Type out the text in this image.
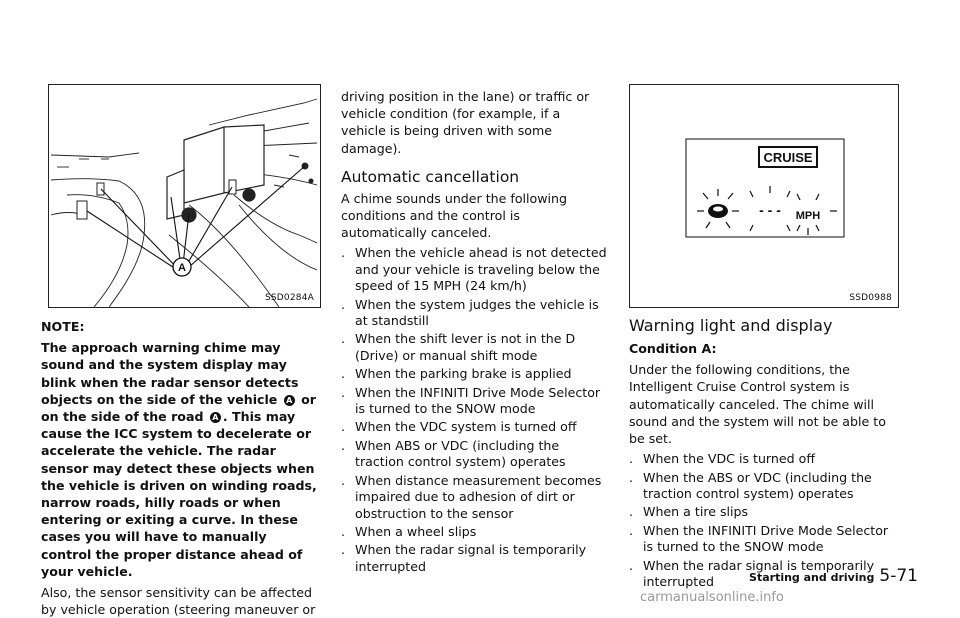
A
SSD0284A

NOTE:

The approach warning chime may sound and the system display may blink when the radar sensor detects objects on the side of the vehicle A or on the side of the road A . This may cause the ICC system to decelerate or accelerate the vehicle. The radar sensor may detect these objects when the vehicle is driven on winding roads, narrow roads, hilly roads or when entering or exiting a curve. In these cases you will have to manually control the proper distance ahead of your vehicle.

Also, the sensor sensitivity can be affected by vehicle operation (steering maneuver or

driving position in the lane) or traffic or vehicle condition (for example, if a vehicle is being driven with some damage).

Automatic cancellation

A chime sounds under the following conditions and the control is automatically canceled.

. When the vehicle ahead is not detected and your vehicle is traveling below the speed of 15 MPH (24 km/h)

. When the system judges the vehicle is at standstill

. When the shift lever is not in the D (Drive) or manual shift mode

. When the parking brake is applied

. When the INFINITI Drive Mode Selector is turned to the SNOW mode

. When the VDC system is turned off

. When ABS or VDC (including the traction control system) operates

. When distance measurement becomes impaired due to adhesion of dirt or obstruction to the sensor

. When a wheel slips

. When the radar signal is temporarily interrupted

CRUISE
- - - MPH
SSD0988
Warning light and display

Condition A:

Under the following conditions, the Intelligent Cruise Control system is automatically canceled. The chime will sound and the system will not be able to be set.

. When the VDC is turned off

. When the ABS or VDC (including the traction control system) operates

. When a tire slips

. When the INFINITI Drive Mode Selector is turned to the SNOW mode

. When the radar signal is temporarily interrupted	Starting and driving 5-71
carmanualsonline.info
